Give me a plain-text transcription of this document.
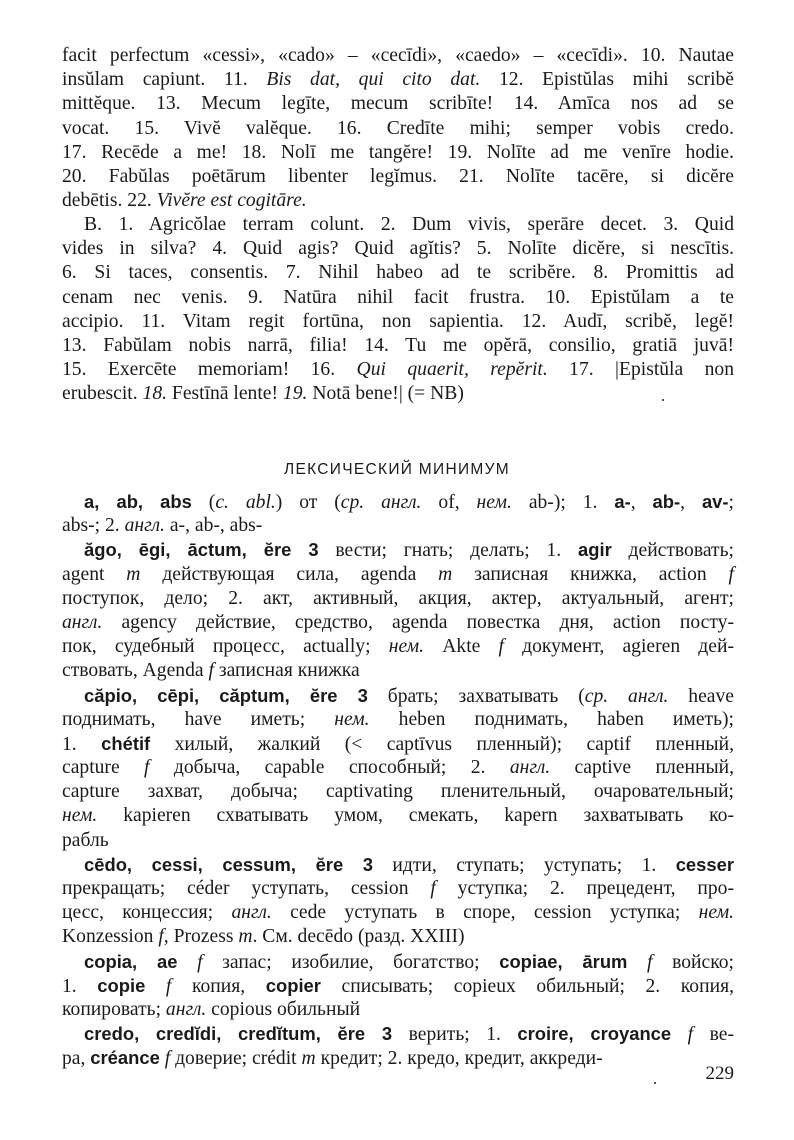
facit perfectum «cessi», «cado» – «cecīdi», «caedo» – «cecīdi». 10. Nautae
insŭlam capiunt. 11. Bis dat, qui cito dat. 12. Epistŭlas mihi scribĕ
mittĕque. 13. Mecum legīte, mecum scribīte! 14. Amīca nos ad se
vocat. 15. Vivĕ valĕque. 16. Credīte mihi; semper vobis credo.
17. Recēde a me! 18. Nolī me tangĕre! 19. Nolīte ad me venīre hodie.
20. Fabŭlas poētārum libenter legĭmus. 21. Nolīte tacēre, si dicĕre
debētis. 22. Vivĕre est cogitāre.
B. 1. Agricŏlae terram colunt. 2. Dum vivis, sperāre decet. 3. Quid
vides in silva? 4. Quid agis? Quid agĭtis? 5. Nolīte dicĕre, si nescītis.
6. Si taces, consentis. 7. Nihil habeo ad te scribĕre. 8. Promittis ad
cenam nec venis. 9. Natūra nihil facit frustra. 10. Epistŭlam a te
accipio. 11. Vitam regit fortūna, non sapientia. 12. Audī, scribĕ, legĕ!
13. Fabŭlam nobis narrā, filia! 14. Tu me opĕrā, consilio, gratiā juvā!
15. Exercēte memoriam! 16. Qui quaerit, repĕrit. 17. |Epistŭla non
erubescit. 18. Festīnā lente! 19. Notā bene!| (= NB)
ЛЕКСИЧЕСКИЙ МИНИМУМ
a, ab, abs (с. abl.) от (ср. англ. of, нем. ab-); 1. a-, ab-, av-;
abs-; 2. англ. a-, ab-, abs-
ăgo, ēgi, āctum, ĕre 3 вести; гнать; делать; 1. agir действовать;
agent m действующая сила, agenda m записная книжка, action f
поступок, дело; 2. акт, активный, акция, актер, актуальный, агент;
англ. agency действие, средство, agenda повестка дня, action посту-
пок, судебный процесс, actually; нем. Akte f документ, agieren дей-
ствовать, Agenda f записная книжка
căpio, cēpi, căptum, ĕre 3 брать; захватывать (ср. англ. heave
поднимать, have иметь; нем. heben поднимать, haben иметь);
1. chétif хилый, жалкий (< captīvus пленный); captif пленный,
capture f добыча, capable способный; 2. англ. captive пленный,
capture захват, добыча; captivating пленительный, очаровательный;
нем. kapieren схватывать умом, смекать, kapern захватывать ко-
рабль
cēdo, cessi, cessum, ĕre 3 идти, ступать; уступать; 1. cesser
прекращать; céder уступать, cession f уступка; 2. прецедент, про-
цесс, концессия; англ. cede уступать в споре, cession уступка; нем.
Konzession f, Prozess m. См. decēdo (разд. XXIII)
copia, ae f запас; изобилие, богатство; copiae, ārum f войско;
1. copie f копия, copier списывать; copieux обильный; 2. копия,
копировать; англ. copious обильный
credo, credĭdi, credĭtum, ĕre 3 верить; 1. croire, croyance f ве-
ра, créance f доверие; crédit m кредит; 2. кредо, кредит, аккреди-
229
